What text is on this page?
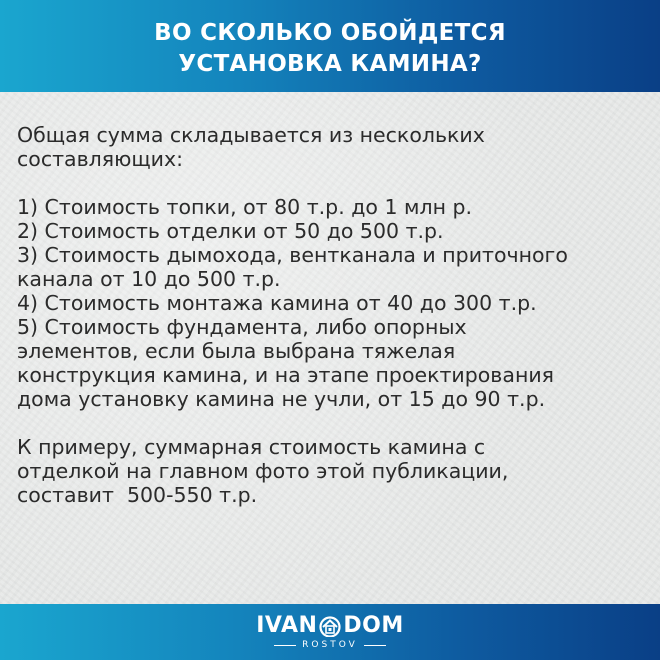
ВО СКОЛЬКО ОБОЙДЕТСЯ
УСТАНОВКА КАМИНА?

Общая сумма складывается из нескольких

составляющих:

1) Стоимость топки, от 80 т.р. до 1 млн р.

2) Стоимость отделки от 50 до 500 т.р.

3) Стоимость дымохода, вентканала и приточного

канала от 10 до 500 т.р.

4) Стоимость монтажа камина от 40 до 300 т.р.

5) Стоимость фундамента, либо опорных

элементов, если была выбрана тяжелая

конструкция камина, и на этапе проектирования

дома установку камина не учли, от 15 до 90 т.р.

К примеру, суммарная стоимость камина с

отделкой на главном фото этой публикации,

составит  500-550 т.р.

IVAN DOM
ROSTOV
